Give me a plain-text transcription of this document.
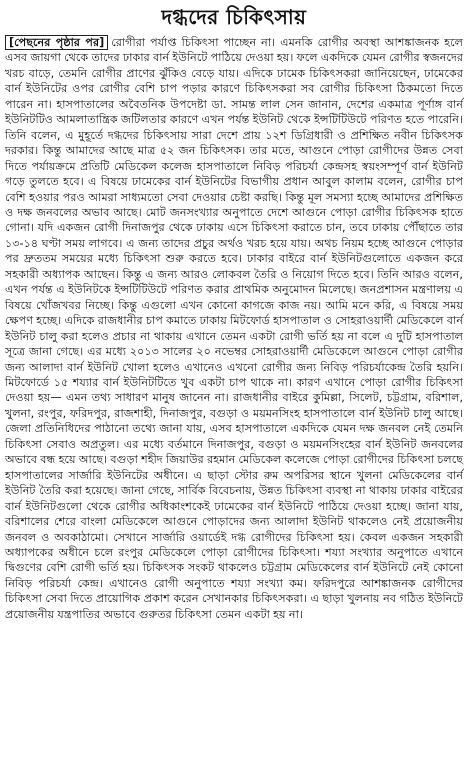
দগ্ধদের চিকিৎসায়

[পেছনের পৃষ্ঠার পর] রোগীরা পর্যাপ্ত চিকিৎসা পাচ্ছেন না। এমনকি রোগীর অবস্থা আশঙ্কাজনক হলে এসব জায়গা থেকে তাদের ঢাকার বার্ন ইউনিটে পাঠিয়ে দেওয়া হয়। ফলে একদিকে যেমন রোগীর স্বজনদের খরচ বাড়ে, তেমনি রোগীর প্রাণের ঝুঁকিও বেড়ে যায়। এদিকে ঢামেক চিকিৎসকরা জানিয়েছেন, ঢামেকের বার্ন ইউনিটের ওপর রোগীর বেশি চাপ পড়ার কারণে চিকিৎসকরা সব রোগীর চিকিৎসা ঠিকমতো দিতে পারেন না। হাসপাতালের অবৈতনিক উপদেষ্টা ডা. সামন্ত লাল সেন জানান, দেশের একমাত্র পূর্ণাঙ্গ বার্ন ইউনিটটিও আমলাতান্ত্রিক জটিলতার কারণে এখন পর্যন্ত ইউনিট থেকে ইন্সটিটিউটে পরিণত হতে পারেনি। তিনি বলেন, এ মুহূর্তে দগ্ধদের চিকিৎসায় সারা দেশে প্রায় ১২শ ডিগ্রিধারী ও প্রশিক্ষিত নবীন চিকিৎসক দরকার। কিন্তু আমাদের আছে মাত্র ৫২ জন চিকিৎসক। তার মতে, আগুনে পোড়া রোগীদের উন্নত সেবা দিতে পর্যায়ক্রমে প্রতিটি মেডিকেল কলেজ হাসপাতালে নিবিড় পরিচর্যা কেন্দ্রসহ স্বয়ংসম্পূর্ণ বার্ন ইউনিট গড়ে তুলতে হবে। এ বিষয়ে ঢামেকের বার্ন ইউনিটের বিভাগীয় প্রধান আবুল কালাম বলেন, রোগীর চাপ বেশি হওয়ার পরও আমরা সাধ্যমতো সেবা দেওয়ার চেষ্টা করছি। কিন্তু মূল সমস্যা হচ্ছে আমাদের প্রশিক্ষিত ও দক্ষ জনবলের অভাব আছে। মোট জনসংখ্যার অনুপাতে দেশে আগুনে পোড়া রোগীর চিকিৎসক হাতে গোনা। যদি একজন রোগী দিনাজপুর থেকে ঢাকায় এসে চিকিৎসা করাতে চান, তবে ঢাকায় পৌঁছাতে তার ১৩-১৪ ঘণ্টা সময় লাগবে। এ জন্য তাদের প্রচুর অর্থও খরচ হয়ে যায়। অথচ নিয়ম হচ্ছে আগুনে পোড়ার পর দ্রুততম সময়ের মধ্যে চিকিৎসা শুরু করতে হবে। ঢাকার বাইরে বার্ন ইউনিটগুলোতে একজন করে সহকারী অধ্যাপক আছেন। কিন্তু এ জন্য আরও লোকবল তৈরি ও নিয়োগ দিতে হবে। তিনি আরও বলেন, এখন পর্যন্ত এ ইউনিটকে ইন্সটিটিউটে পরিণত করার প্রাথমিক অনুমোদন মিলেছে। জনপ্রশাসন মন্ত্রণালয় এ বিষয়ে খোঁজখবর নিচ্ছে। কিন্তু এগুলো এখন কোনো কাগজে কাজ নয়। আমি মনে করি, এ বিষয়ে সময় ক্ষেপণ হচ্ছে। এদিকে রাজধানীর চাপ কমাতে ঢাকায় মিটফোর্ড হাসপাতাল ও সোহরাওয়ার্দী মেডিকেলে বার্ন ইউনিট চালু করা হলেও প্রচার না থাকায় এখানে তেমন একটা রোগী ভর্তি হয় না বলে এ দুটি হাসপাতাল সূত্রে জানা গেছে। এর মধ্যে ২০১৩ সালের ২০ নভেম্বর সোহরাওয়ার্দী মেডিকেলে আগুনে পোড়া রোগীর জন্য আলাদা বার্ন ইউনিট খোলা হলেও এখানেও এখনো রোগীর জন্য নিবিড় পরিচর্যাকেন্দ্র তৈরি হয়নি। মিটফোর্ডে ১৫ শয্যার বার্ন ইউনিটটিতে খুব একটা চাপ থাকে না। কারণ এখানে পোড়া রোগীর চিকিৎসা দেওয়া হয়— এমন তথ্য সাধারণ মানুষ জানেন না। রাজধানীর বাইরে কুমিল্লা, সিলেট, চট্টগ্রাম, বরিশাল, খুলনা, রংপুর, ফরিদপুর, রাজশাহী, দিনাজপুর, বগুড়া ও ময়মনসিংহ হাসপাতালে বার্ন ইউনিট চালু আছে। জেলা প্রতিনিধিদের পাঠানো তথ্যে জানা যায়, এসব হাসপাতালে একদিকে যেমন দক্ষ জনবল নেই তেমনি চিকিৎসা সেবাও অপ্রতুল। এর মধ্যে বর্তমানে দিনাজপুর, বগুড়া ও ময়মনসিংহের বার্ন ইউনিট জনবলের অভাবে বন্ধ হয়ে আছে। বগুড়া শহীদ জিয়াউর রহমান মেডিকেল কলেজে পোড়া রোগীদের চিকিৎসা চলছে হাসপাতালের সার্জারি ইউনিটের অধীনে। এ ছাড়া স্টোর রুম অপরিসর স্থানে খুলনা মেডিকেলের বার্ন ইউনিট তৈরি করা হয়েছে। জানা গেছে, সার্বিক বিবেচনায়, উন্নত চিকিৎসা ব্যবস্থা না থাকায় ঢাকার বাইরের বার্ন ইউনিটগুলো থেকে রোগীর অধিকাংশকেই ঢামেকের বার্ন ইউনিটে পাঠিয়ে দেওয়া হচ্ছে। জানা যায়, বরিশালের শেরে বাংলা মেডিকেলে আগুনে পোড়াদের জন্য আলাদা ইউনিট থাকলেও নেই প্রয়োজনীয় জনবল ও অবকাঠামো। সেখানে সার্জারি ওয়ার্ডেই দগ্ধ রোগীদের চিকিৎসা হয়। কেবল একজন সহকারী অধ্যাপকের অধীনে চলে রংপুর মেডিকেলে পোড়া রোগীদের চিকিৎসা। শয্যা সংখ্যার অনুপাতে এখানে দ্বিগুণের বেশি রোগী ভর্তি হয়। চিকিৎসক সংকট থাকলেও চট্টগ্রাম মেডিকেলের বার্ন ইউনিটে নেই কোনো নিবিড় পরিচর্যা কেন্দ্র। এখানেও রোগী অনুপাতে শয্যা সংখ্যা কম। ফরিদপুরে আশঙ্কাজনক রোগীদের চিকিৎসা সেবা দিতে প্রায়োগিক প্রকাশ করেন সেখানকার চিকিৎসকরা। এ ছাড়া খুলনায় নব গঠিত ইউনিটে প্রয়োজনীয় যন্ত্রপাতির অভাবে গুরুতর চিকিৎসা তেমন একটা হয় না।
